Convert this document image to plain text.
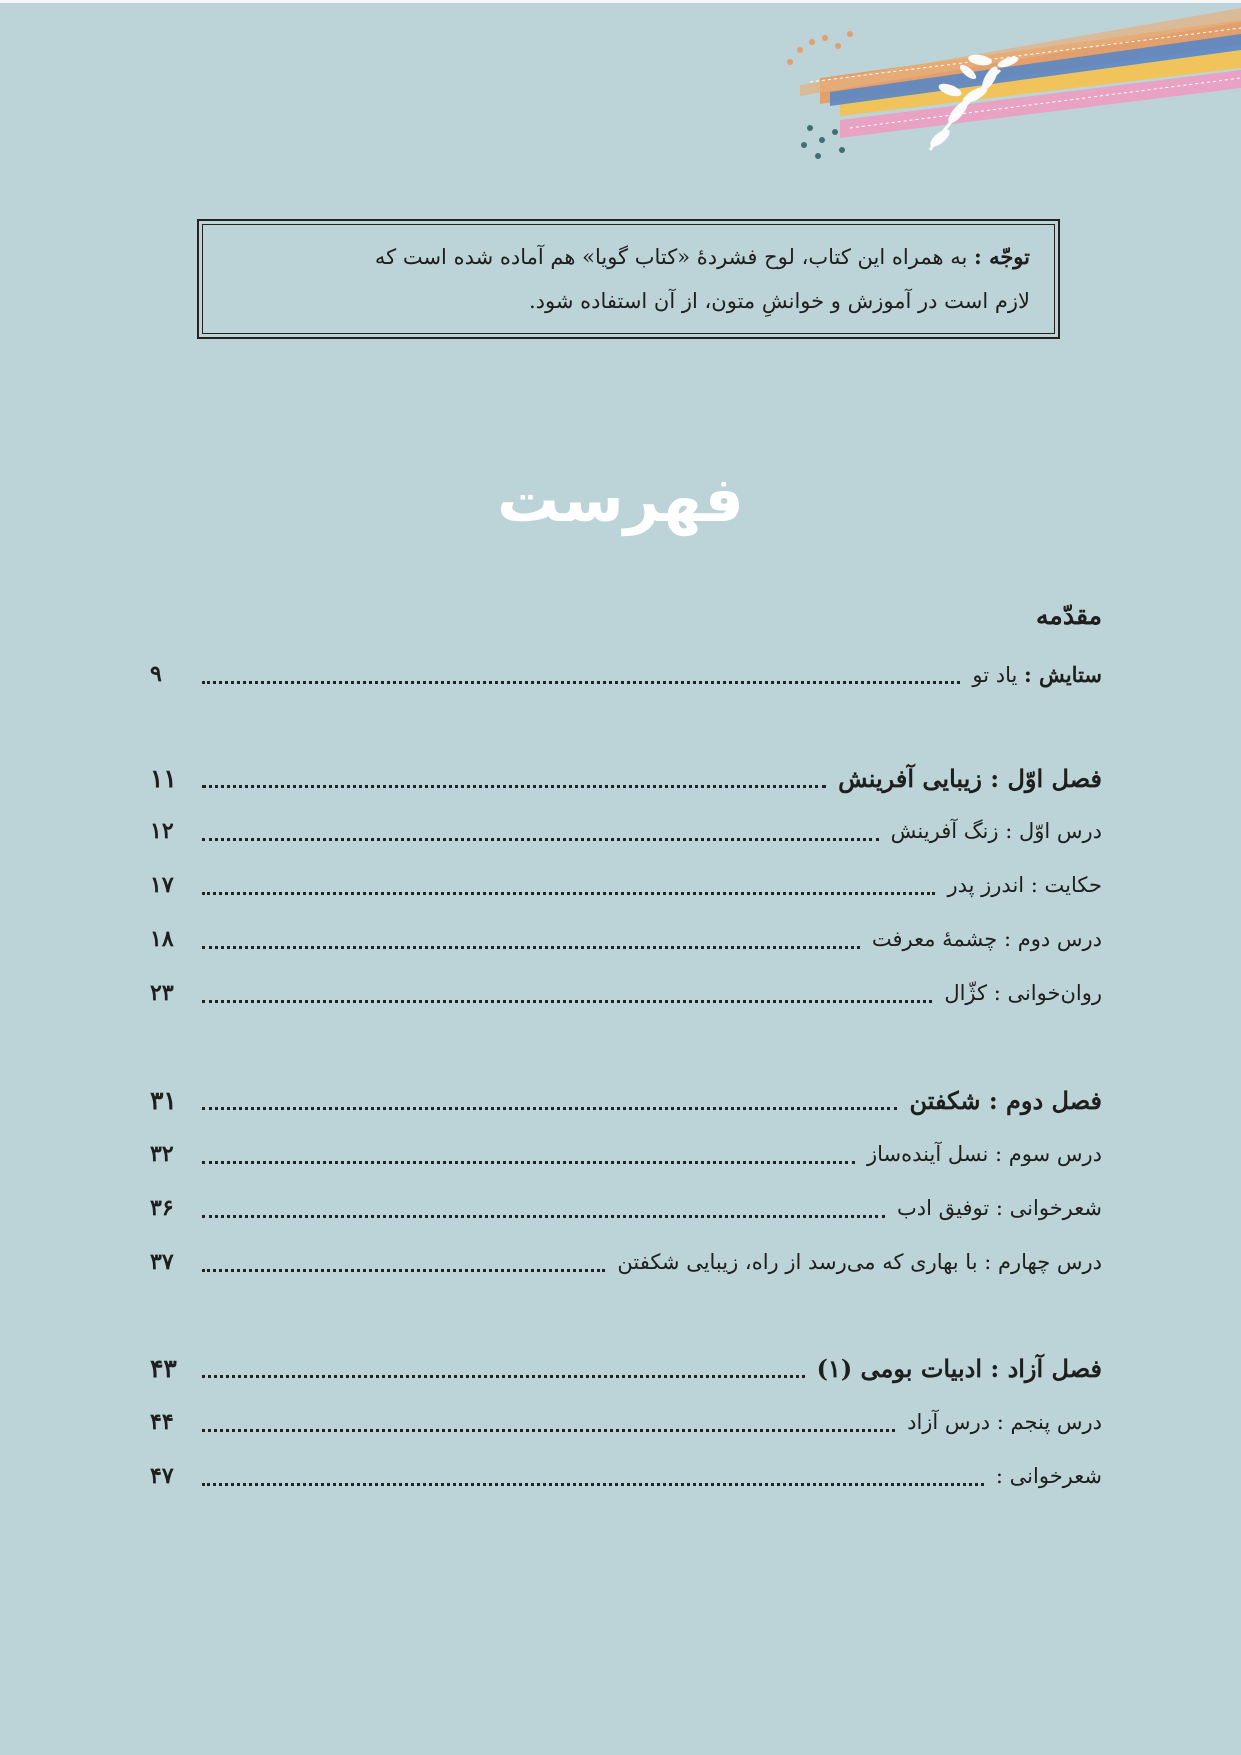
توجّه : به همراه این کتاب، لوح فشردهٔ «کتاب گویا» هم آماده شده است که
لازم است در آموزش و خوانشِ متون، از آن استفاده شود.
فهرست
مقدّمه
ستایش : یاد تو
۹
فصل اوّل : زیبایی آفرینش
۱۱
درس اوّل : زنگ آفرینش
۱۲
حکایت : اندرز پدر
۱۷
درس دوم : چشمهٔ معرفت
۱۸
روان‌خوانی : کژّال
۲۳
فصل دوم : شکفتن
۳۱
درس سوم : نسل آینده‌ساز
۳۲
شعرخوانی : توفیق ادب
۳۶
درس چهارم : با بهاری که می‌رسد از راه، زیبایی شکفتن
۳۷
فصل آزاد : ادبیات بومی (۱)
۴۳
درس پنجم : درس آزاد
۴۴
شعرخوانی :
۴۷
